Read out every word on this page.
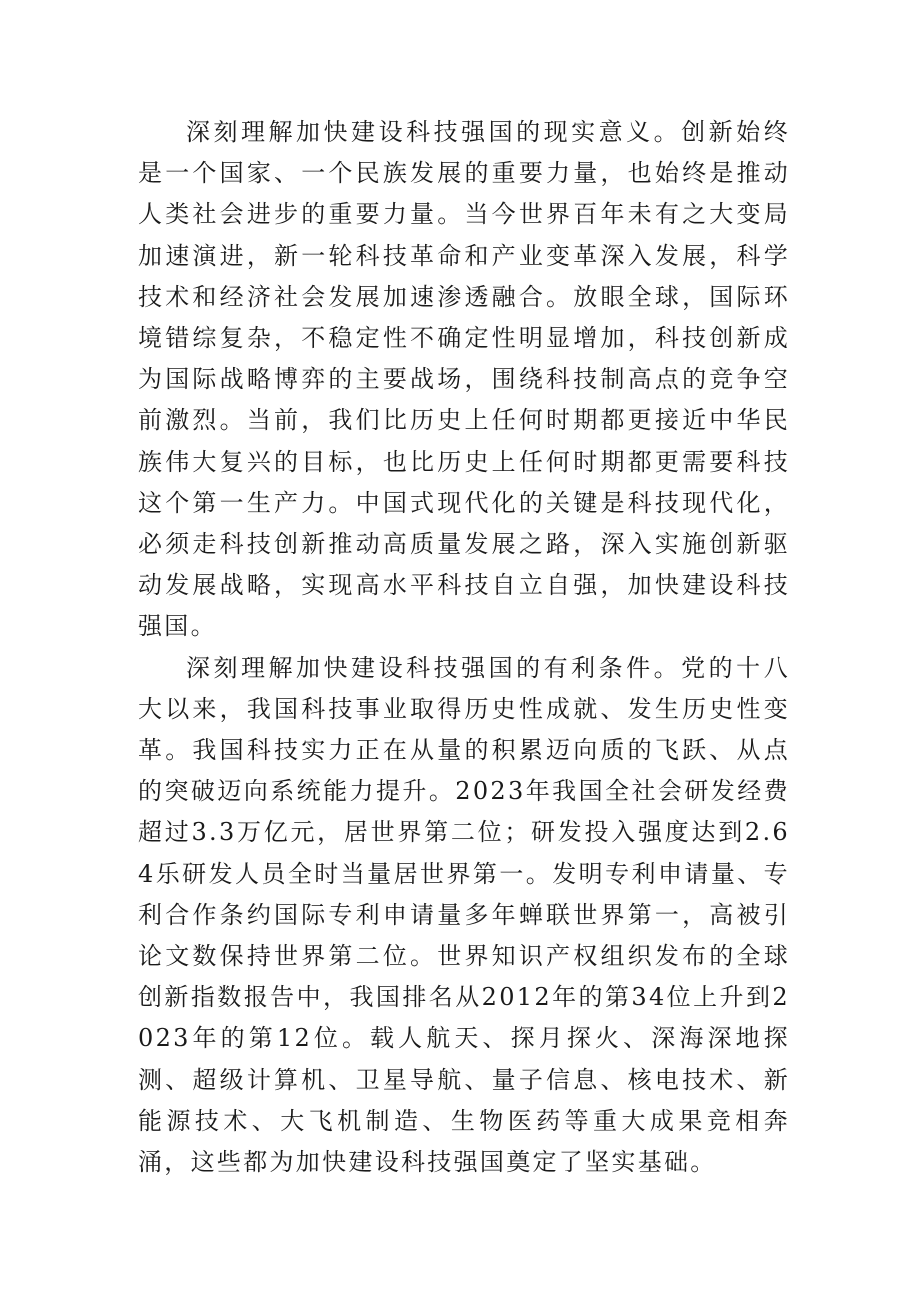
深刻理解加快建设科技强国的现实意义。创新始终是一个国家、一个民族发展的重要力量，也始终是推动人类社会进步的重要力量。当今世界百年未有之大变局加速演进，新一轮科技革命和产业变革深入发展，科学技术和经济社会发展加速渗透融合。放眼全球，国际环境错综复杂，不稳定性不确定性明显增加，科技创新成为国际战略博弈的主要战场，围绕科技制高点的竞争空前激烈。当前，我们比历史上任何时期都更接近中华民族伟大复兴的目标，也比历史上任何时期都更需要科技这个第一生产力。中国式现代化的关键是科技现代化，必须走科技创新推动高质量发展之路，深入实施创新驱动发展战略，实现高水平科技自立自强，加快建设科技强国。

深刻理解加快建设科技强国的有利条件。党的十八大以来，我国科技事业取得历史性成就、发生历史性变革。我国科技实力正在从量的积累迈向质的飞跃、从点的突破迈向系统能力提升。2023年我国全社会研发经费超过3.3万亿元，居世界第二位；研发投入强度达到2.64乐研发人员全时当量居世界第一。发明专利申请量、专利合作条约国际专利申请量多年蝉联世界第一，高被引论文数保持世界第二位。世界知识产权组织发布的全球创新指数报告中，我国排名从2012年的第34位上升到2023年的第12位。载人航天、探月探火、深海深地探测、超级计算机、卫星导航、量子信息、核电技术、新能源技术、大飞机制造、生物医药等重大成果竞相奔涌，这些都为加快建设科技强国奠定了坚实基础。
